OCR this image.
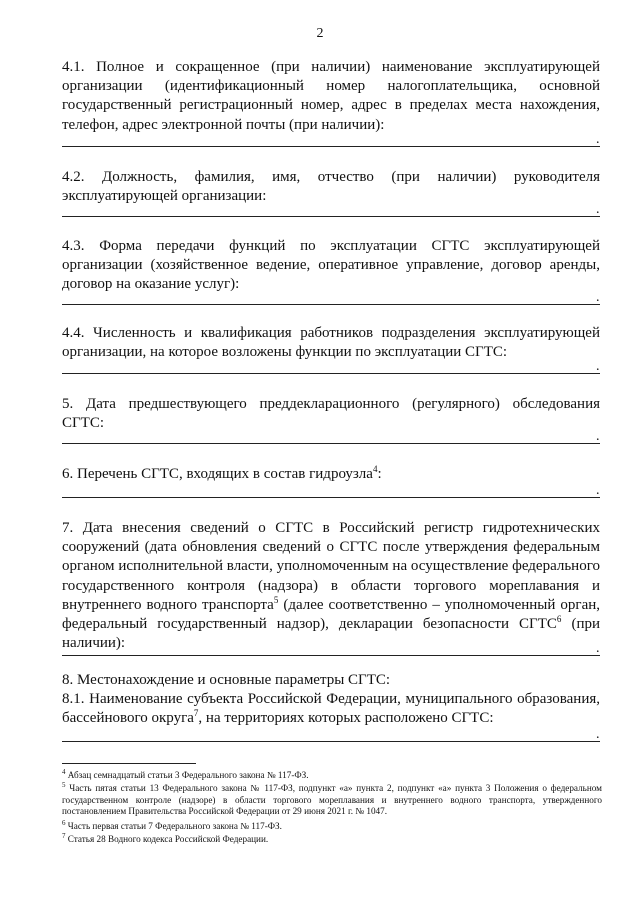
2

4.1. Полное и сокращенное (при наличии) наименование эксплуатирующей организации (идентификационный номер налогоплательщика, основной государственный регистрационный номер, адрес в пределах места нахождения, телефон, адрес электронной почты (при наличии):

.

4.2. Должность, фамилия, имя, отчество (при наличии) руководителя эксплуатирующей организации:

.

4.3. Форма передачи функций по эксплуатации СГТС эксплуатирующей организации (хозяйственное ведение, оперативное управление, договор аренды, договор на оказание услуг):

.

4.4. Численность и квалификация работников подразделения эксплуатирующей организации, на которое возложены функции по эксплуатации СГТС:

.

5. Дата предшествующего преддекларационного (регулярного) обследования СГТС:

.

6. Перечень СГТС, входящих в состав гидроузла$^4$:

.

7. Дата внесения сведений о СГТС в Российский регистр гидротехнических сооружений (дата обновления сведений о СГТС после утверждения федеральным органом исполнительной власти, уполномоченным на осуществление федерального государственного контроля (надзора) в области торгового мореплавания и внутреннего водного транспорта$^5$ (далее соответственно – уполномоченный орган, федеральный государственный надзор), декларации безопасности СГТС$^6$ (при наличии):	.

8. Местонахождение и основные параметры СГТС:

8.1. Наименование субъекта Российской Федерации, муниципального образования, бассейнового округа$^7$, на территориях которых расположено СГТС:

.

$^4$ Абзац семнадцатый статьи 3 Федерального закона № 117-ФЗ.

$^5$ Часть пятая статьи 13 Федерального закона № 117-ФЗ, подпункт «а» пункта 2, подпункт «а» пункта 3 Положения о федеральном государственном контроле (надзоре) в области торгового мореплавания и внутреннего водного транспорта, утвержденного постановлением Правительства Российской Федерации от 29 июня 2021 г. № 1047.

$^6$ Часть первая статьи 7 Федерального закона № 117-ФЗ.

$^7$ Статья 28 Водного кодекса Российской Федерации.
